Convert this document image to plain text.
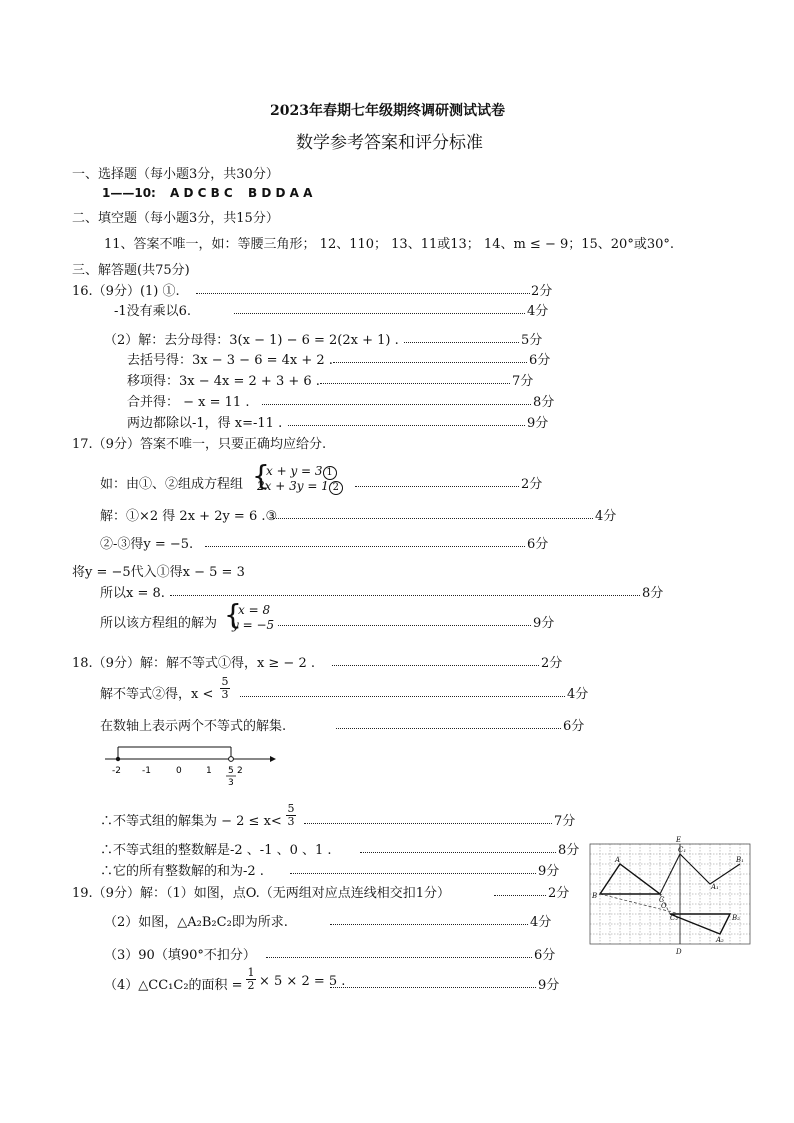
2023年春期七年级期终调研测试试卷
数学参考答案和评分标准
一、选择题（每小题3分，共30分）
1——10: A D C B C B D D A A
二、填空题（每小题3分，共15分）
11、答案不唯一，如：等腰三角形； 12、110； 13、11或13； 14、m ≤ − 9；15、20°或30°.
三、解答题(共75分)
16.（9分）(1) ①.	2分
-1没有乘以6.	4分
（2）解：去分母得：3(x − 1) − 6 = 2(2x + 1) .	5分
去括号得：3x − 3 − 6 = 4x + 2 .	6分
移项得：3x − 4x = 2 + 3 + 6 .	7分
合并得： − x = 11 .	8分
两边都除以-1，得 x=-11 .	9分
17.（9分）答案不唯一，只要正确均应给分.
如：由①、②组成方程组 {
x + y = 3 1
2x + 3y = 1 2	2分
解：①×2 得 2x + 2y = 6 .③	4分
②-③得y = −5.	6分
将y = −5代入①得x − 5 = 3
所以x = 8.	8分
所以该方程组的解为 {
x = 8
y = −5	9分
18.（9分）解：解不等式①得，x ≥ − 2 .	2分
解不等式②得，x <
5
3	4分
在数轴上表示两个不等式的解集.	6分
-2 -1	0	1	2
5
3
∴不等式组的解集为 − 2 ≤ x<
5
3	7分
∴不等式组的整数解是-2 、-1 、0 、1 .	8分
∴它的所有整数解的和为-2 .	9分
19.（9分）解：（1）如图，点O.（无两组对应点连线相交扣1分）	2分
（2）如图，△A₂B₂C₂即为所求.	4分
（3）90（填90°不扣分）	6分
（4）△CC₁C₂的面积 =
1
2 × 5 × 2 = 5 .	9分
A
B	C
A₁
B₁
C₁
A₂
B₂
C₂
E
D
O
